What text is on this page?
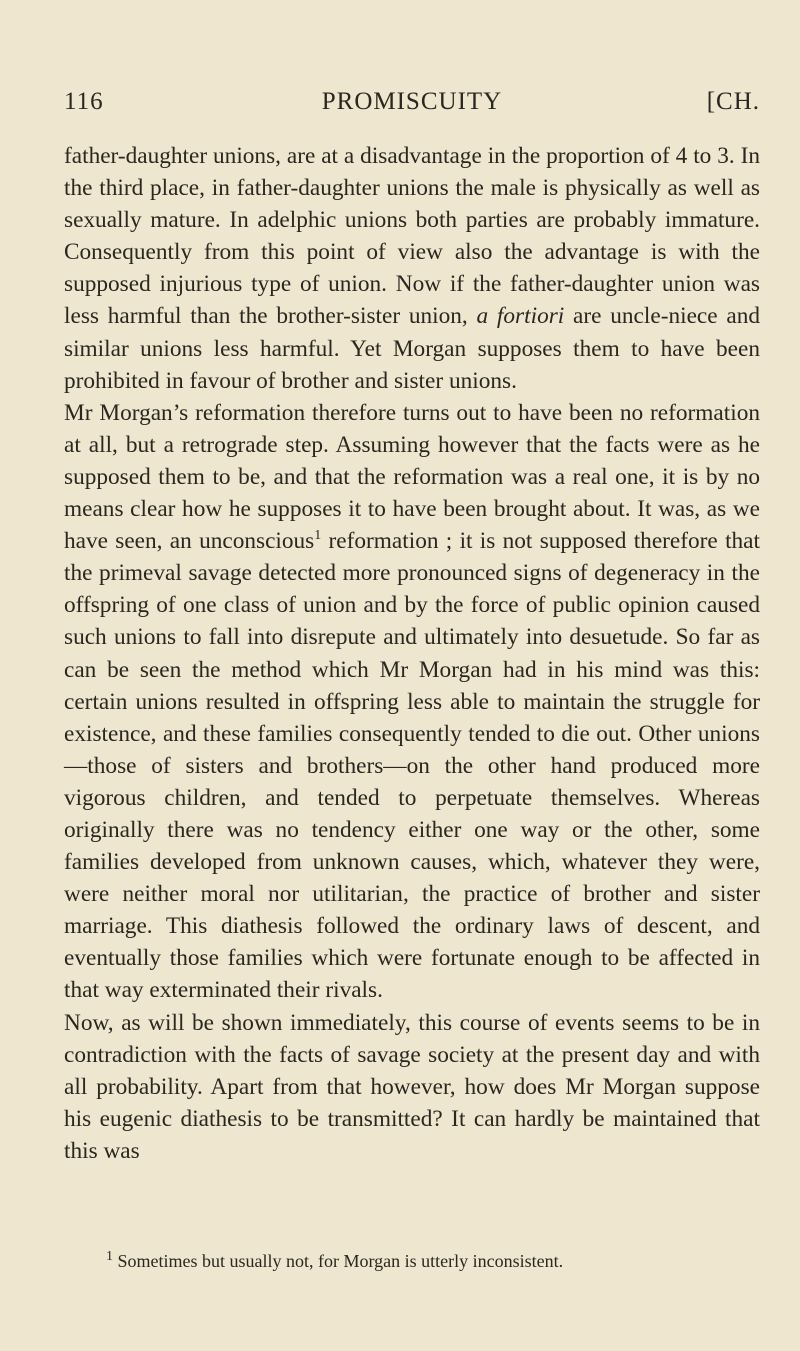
116	PROMISCUITY	[CH.

father-daughter unions, are at a disadvantage in the proportion of 4 to 3. In the third place, in father-daughter unions the male is physically as well as sexually mature. In adelphic unions both parties are probably immature. Consequently from this point of view also the advantage is with the supposed injurious type of union. Now if the father-daughter union was less harmful than the brother-sister union, a fortiori are uncle-niece and similar unions less harmful. Yet Morgan supposes them to have been prohibited in favour of brother and sister unions.

Mr Morgan’s reformation therefore turns out to have been no reformation at all, but a retrograde step. Assuming however that the facts were as he supposed them to be, and that the reformation was a real one, it is by no means clear how he supposes it to have been brought about. It was, as we have seen, an unconscious$^1$ reformation ; it is not supposed therefore that the primeval savage detected more pronounced signs of degeneracy in the offspring of one class of union and by the force of public opinion caused such unions to fall into disrepute and ultimately into desuetude. So far as can be seen the method which Mr Morgan had in his mind was this: certain unions resulted in offspring less able to maintain the struggle for existence, and these families consequently tended to die out. Other unions—those of sisters and brothers—on the other hand produced more vigorous children, and tended to perpetuate themselves. Whereas originally there was no tendency either one way or the other, some families developed from unknown causes, which, whatever they were, were neither moral nor utilitarian, the practice of brother and sister marriage. This diathesis followed the ordinary laws of descent, and eventually those families which were fortunate enough to be affected in that way exterminated their rivals.

Now, as will be shown immediately, this course of events seems to be in contradiction with the facts of savage society at the present day and with all probability. Apart from that however, how does Mr Morgan suppose his eugenic diathesis to be transmitted? It can hardly be maintained that this was

$^1$ Sometimes but usually not, for Morgan is utterly inconsistent.
